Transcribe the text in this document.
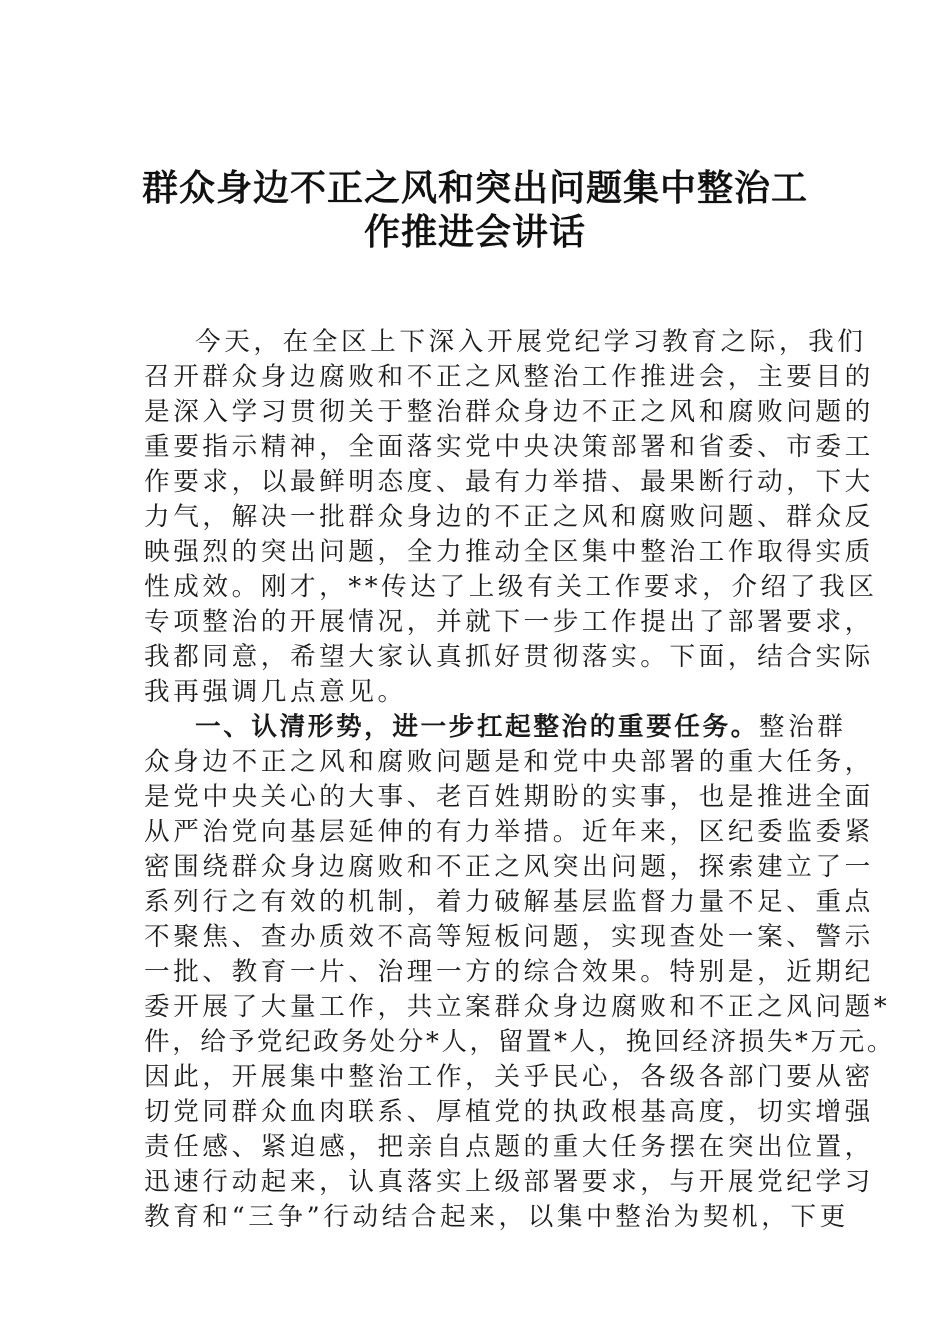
群众身边不正之风和突出问题集中整治工
作推进会讲话
今天，在全区上下深入开展党纪学习教育之际，我们
召开群众身边腐败和不正之风整治工作推进会，主要目的
是深入学习贯彻关于整治群众身边不正之风和腐败问题的
重要指示精神，全面落实党中央决策部署和省委、市委工
作要求，以最鲜明态度、最有力举措、最果断行动，下大
力气，解决一批群众身边的不正之风和腐败问题、群众反
映强烈的突出问题，全力推动全区集中整治工作取得实质
性成效。刚才，**传达了上级有关工作要求，介绍了我区
专项整治的开展情况，并就下一步工作提出了部署要求，
我都同意，希望大家认真抓好贯彻落实。下面，结合实际
我再强调几点意见。
一、认清形势，进一步扛起整治的重要任务。整治群
众身边不正之风和腐败问题是和党中央部署的重大任务，
是党中央关心的大事、老百姓期盼的实事，也是推进全面
从严治党向基层延伸的有力举措。近年来，区纪委监委紧
密围绕群众身边腐败和不正之风突出问题，探索建立了一
系列行之有效的机制，着力破解基层监督力量不足、重点
不聚焦、查办质效不高等短板问题，实现查处一案、警示
一批、教育一片、治理一方的综合效果。特别是，近期纪
委开展了大量工作，共立案群众身边腐败和不正之风问题*
件，给予党纪政务处分*人，留置*人，挽回经济损失*万元。
因此，开展集中整治工作，关乎民心，各级各部门要从密
切党同群众血肉联系、厚植党的执政根基高度，切实增强
责任感、紧迫感，把亲自点题的重大任务摆在突出位置，
迅速行动起来，认真落实上级部署要求，与开展党纪学习
教育和“三争”行动结合起来，以集中整治为契机，下更
